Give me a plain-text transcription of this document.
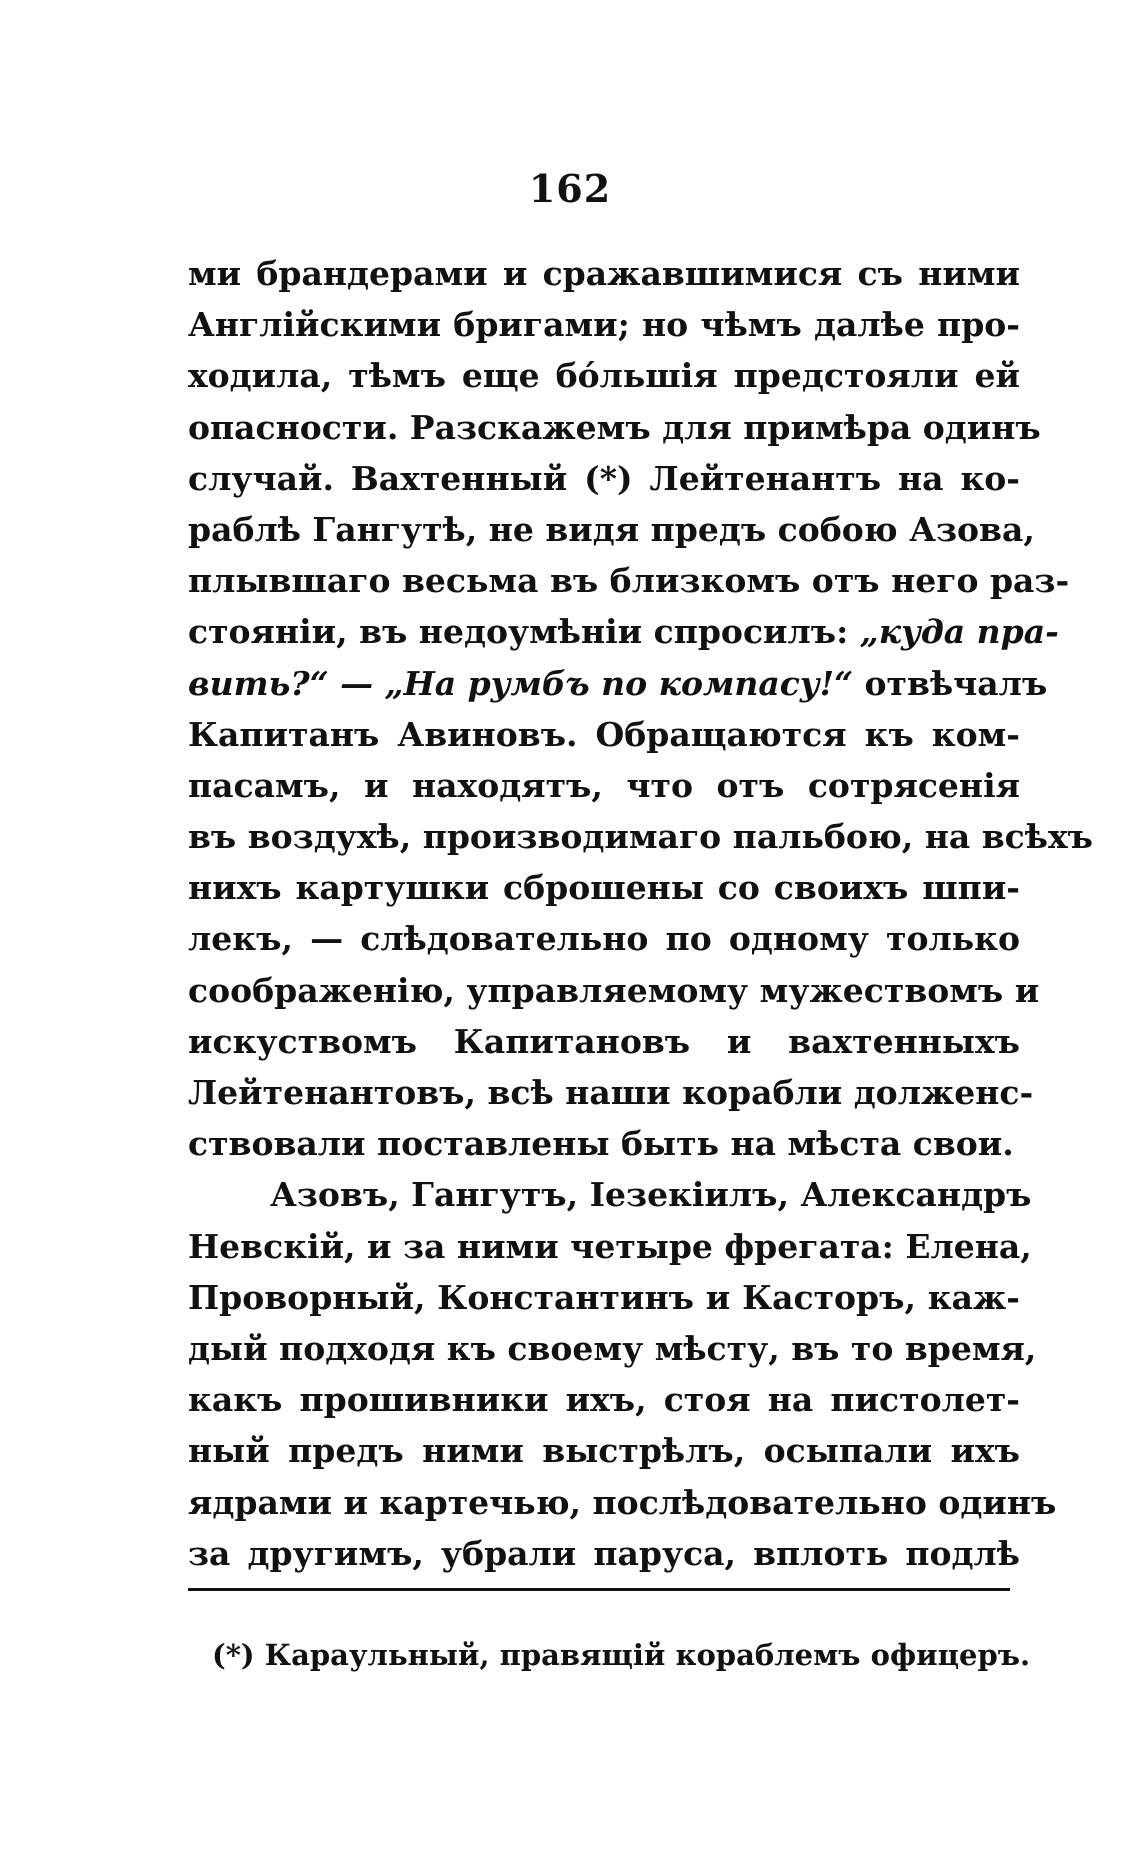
162
ми брандерами и сражавшимися съ ними
Англійскими бригами; но чѣмъ далѣе про-
ходила, тѣмъ еще бо́льшія предстояли ей
опасности. Разскажемъ для примѣра одинъ
случай. Вахтенный (*) Лейтенантъ на ко-
раблѣ Гангутѣ, не видя предъ собою Азова,
плывшаго весьма въ близкомъ отъ него раз-
стояніи, въ недоумѣніи спросилъ: „куда пра-
вить?“ — „На румбъ по компасу!“ отвѣчалъ
Капитанъ Авиновъ. Обращаются къ ком-
пасамъ, и находятъ, что отъ сотрясенія
въ воздухѣ, производимаго пальбою, на всѣхъ
нихъ картушки сброшены со своихъ шпи-
лекъ, — слѣдовательно по одному только
соображенію, управляемому мужествомъ и
искуствомъ Капитановъ и вахтенныхъ
Лейтенантовъ, всѣ наши корабли долженс-
ствовали поставлены быть на мѣста свои.
Азовъ, Гангутъ, Іезекіилъ, Александръ
Невскій, и за ними четыре фрегата: Елена,
Проворный, Константинъ и Касторъ, каж-
дый подходя къ своему мѣсту, въ то время,
какъ прошивники ихъ, стоя на пистолет-
ный предъ ними выстрѣлъ, осыпали ихъ
ядрами и картечью, послѣдовательно одинъ
за другимъ, убрали паруса, вплоть подлѣ
(*) Караульный, правящій кораблемъ офицеръ.
